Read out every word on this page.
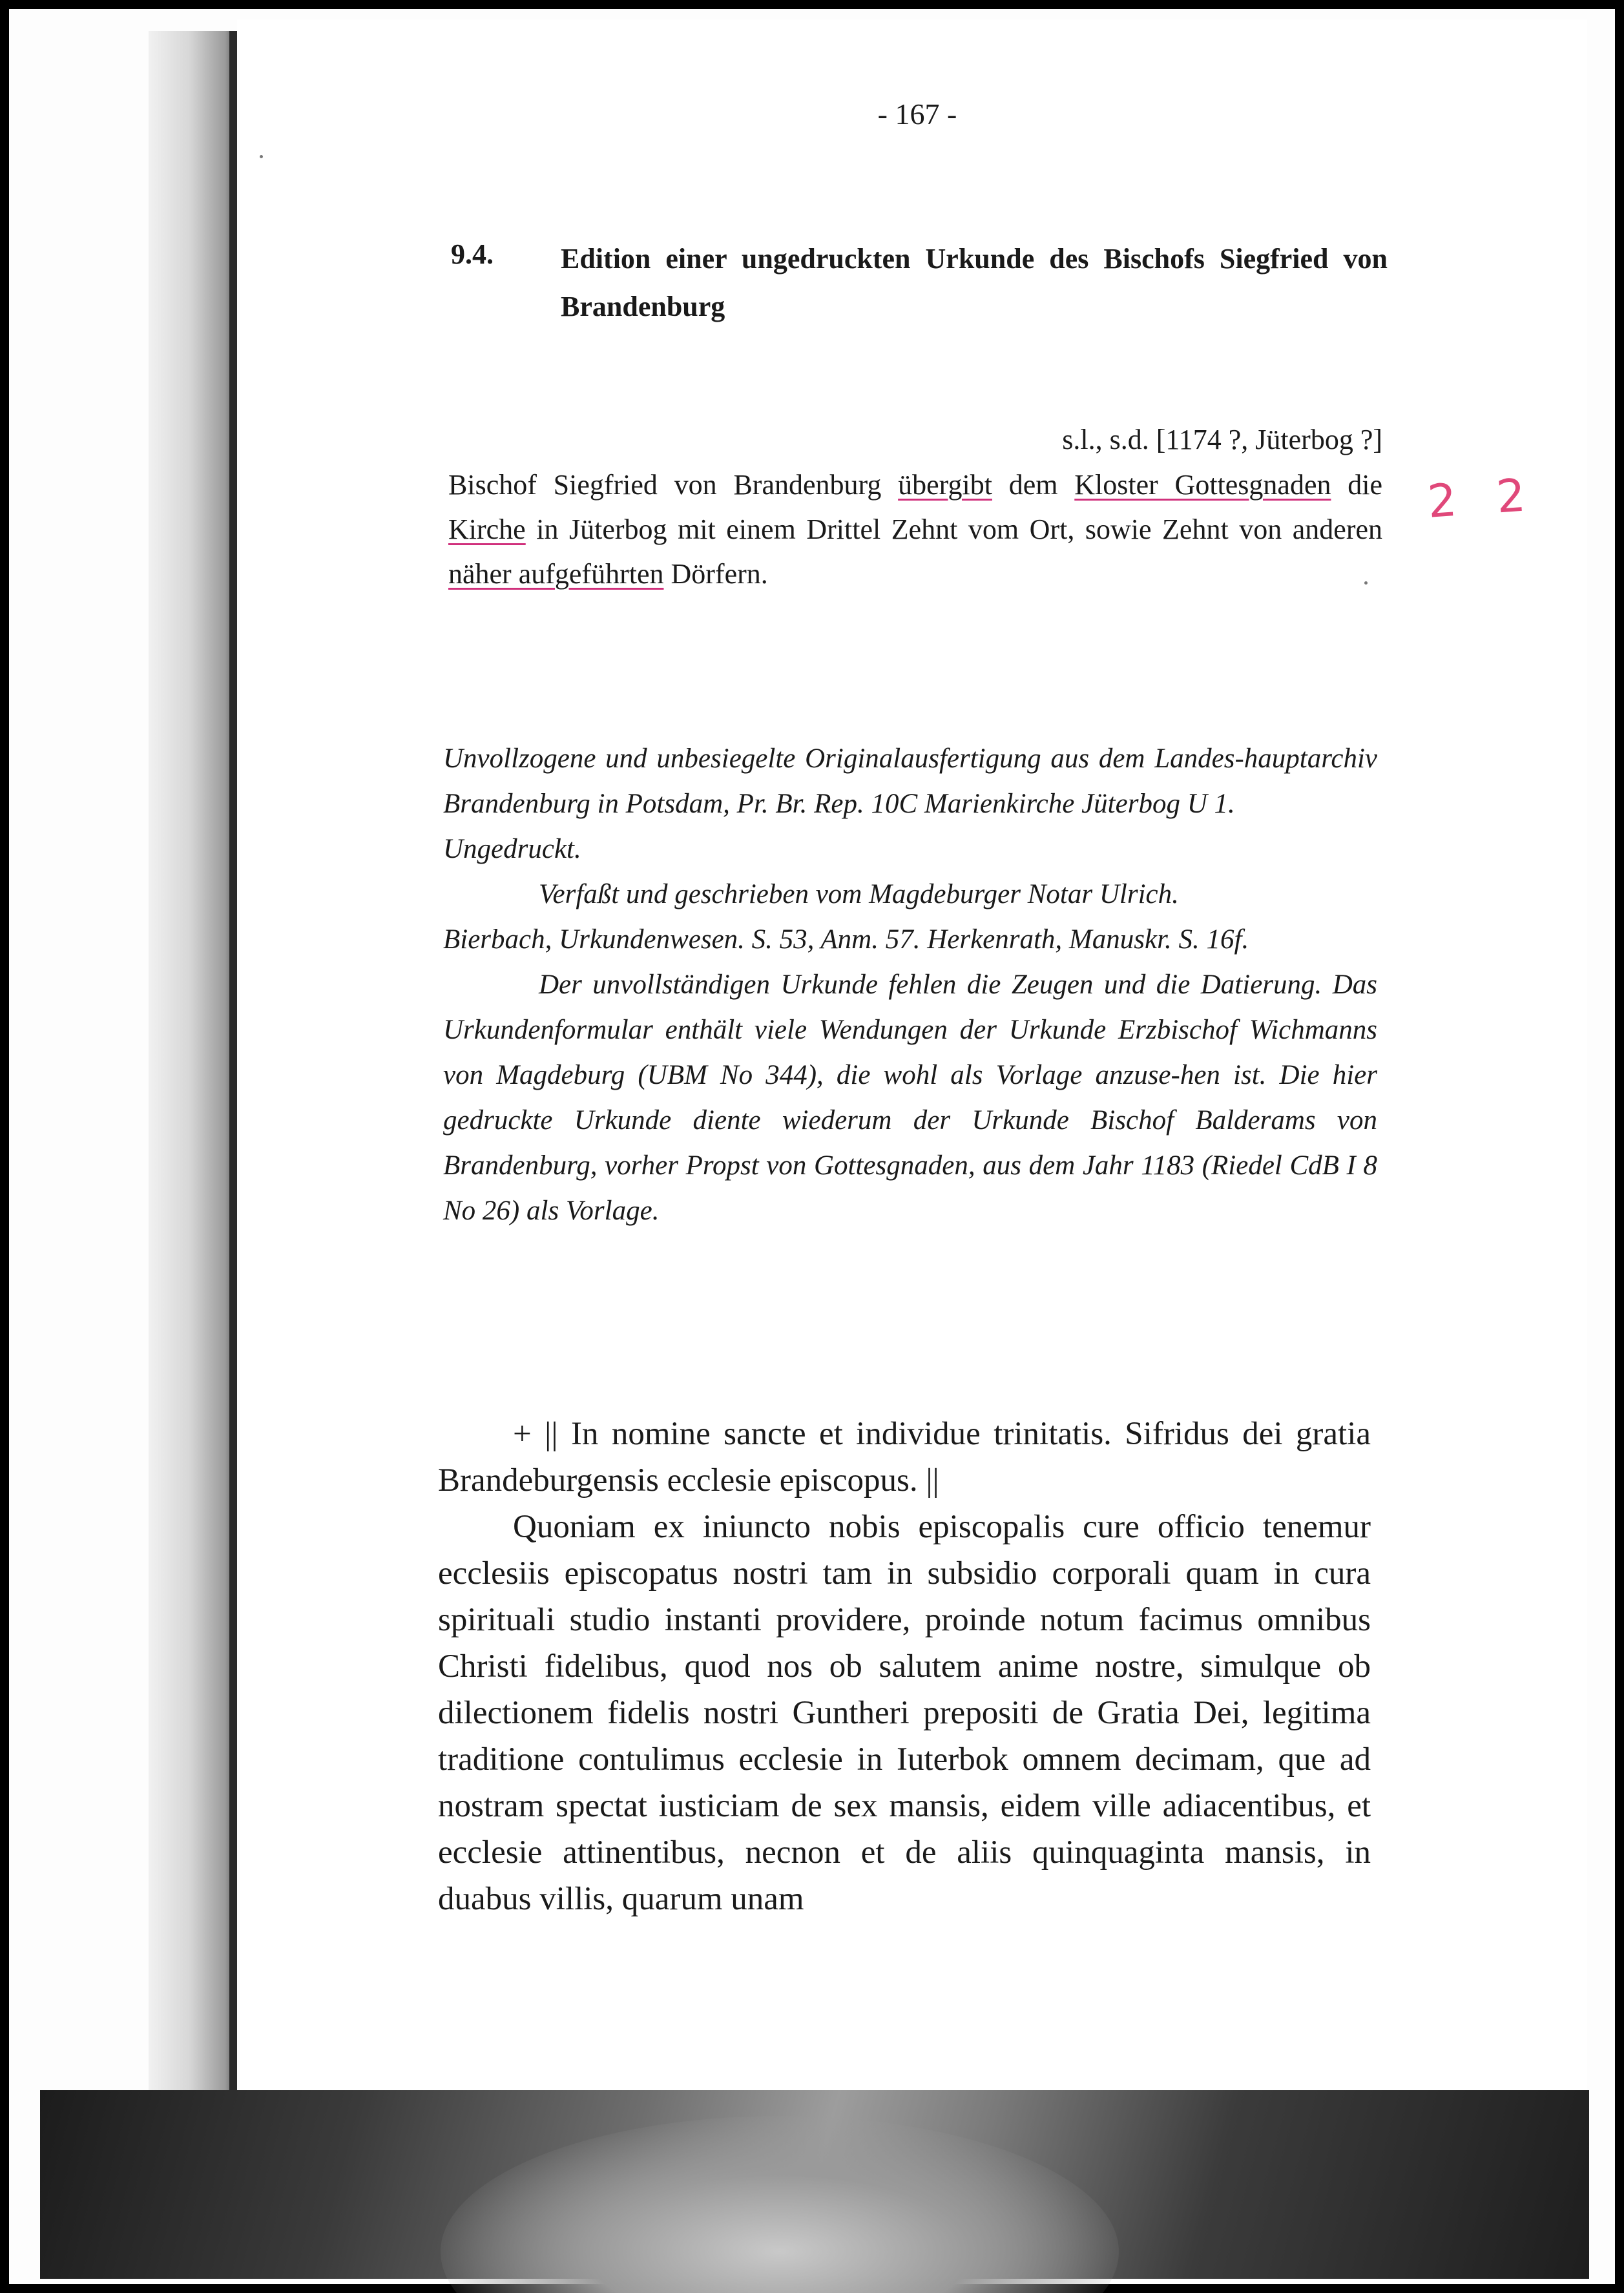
- 167 -
9.4. Edition einer ungedruckten Urkunde des Bischofs Siegfried von Brandenburg
s.l., s.d. [1174 ?, Jüterbog ?]
Bischof Siegfried von Brandenburg übergibt dem Kloster Gottesgnaden die Kirche in Jüterbog mit einem Drittel Zehnt vom Ort, sowie Zehnt von anderen näher aufgeführten Dörfern.
2 2

Unvollzogene und unbesiegelte Originalausfertigung aus dem Landes-hauptarchiv Brandenburg in Potsdam, Pr. Br. Rep. 10C Marienkirche Jüterbog U 1.

Ungedruckt.

Verfaßt und geschrieben vom Magdeburger Notar Ulrich.

Bierbach, Urkundenwesen. S. 53, Anm. 57. Herkenrath, Manuskr. S. 16f.

Der unvollständigen Urkunde fehlen die Zeugen und die Datierung. Das Urkundenformular enthält viele Wendungen der Urkunde Erzbischof Wichmanns von Magdeburg (UBM No 344), die wohl als Vorlage anzuse-hen ist. Die hier gedruckte Urkunde diente wiederum der Urkunde Bischof Balderams von Brandenburg, vorher Propst von Gottesgnaden, aus dem Jahr 1183 (Riedel CdB I 8 No 26) als Vorlage.

+ || In nomine sancte et individue trinitatis. Sifridus dei gratia Brandeburgensis ecclesie episcopus. ||

Quoniam ex iniuncto nobis episcopalis cure officio tenemur ecclesiis episcopatus nostri tam in subsidio corporali quam in cura spirituali studio instanti providere, proinde notum facimus omnibus Christi fidelibus, quod nos ob salutem anime nostre, simulque ob dilectionem fidelis nostri Guntheri prepositi de Gratia Dei, legitima traditione contulimus ecclesie in Iuterbok omnem decimam, que ad nostram spectat iusticiam de sex mansis, eidem ville adiacentibus, et ecclesie attinentibus, necnon et de aliis quinquaginta mansis, in duabus villis, quarum unam
